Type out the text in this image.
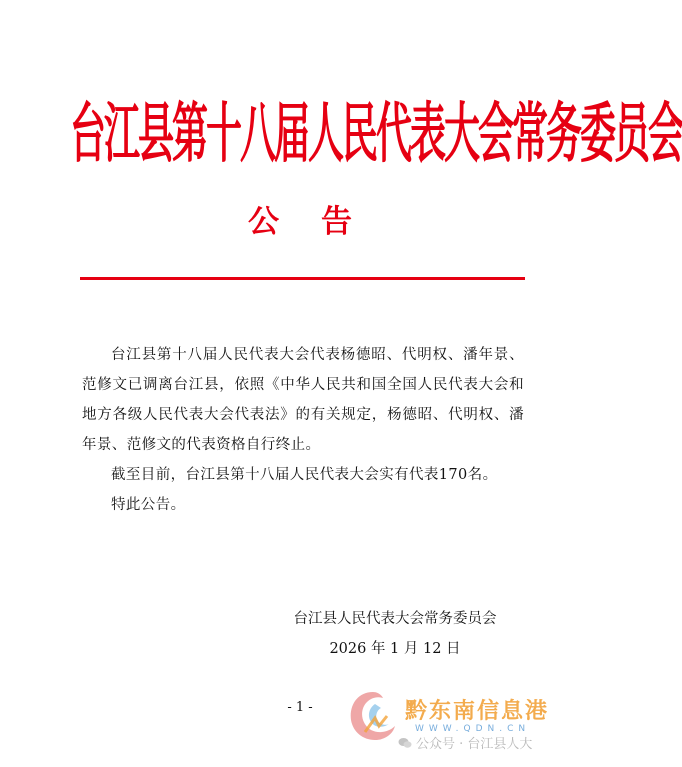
台江县第十八届人民代表大会常务委员会
公告

台江县第十八届人民代表大会代表杨德昭、代明权、潘年景、范修文已调离台江县，依照《中华人民共和国全国人民代表大会和地方各级人民代表大会代表法》的有关规定，杨德昭、代明权、潘年景、范修文的代表资格自行终止。

截至目前，台江县第十八届人民代表大会实有代表170名。

特此公告。

台江县人民代表大会常务委员会
2026 年 1 月 12 日
- 1 -	黔东南信息港
WWW.QDN.CN
公众号 · 台江县人大
